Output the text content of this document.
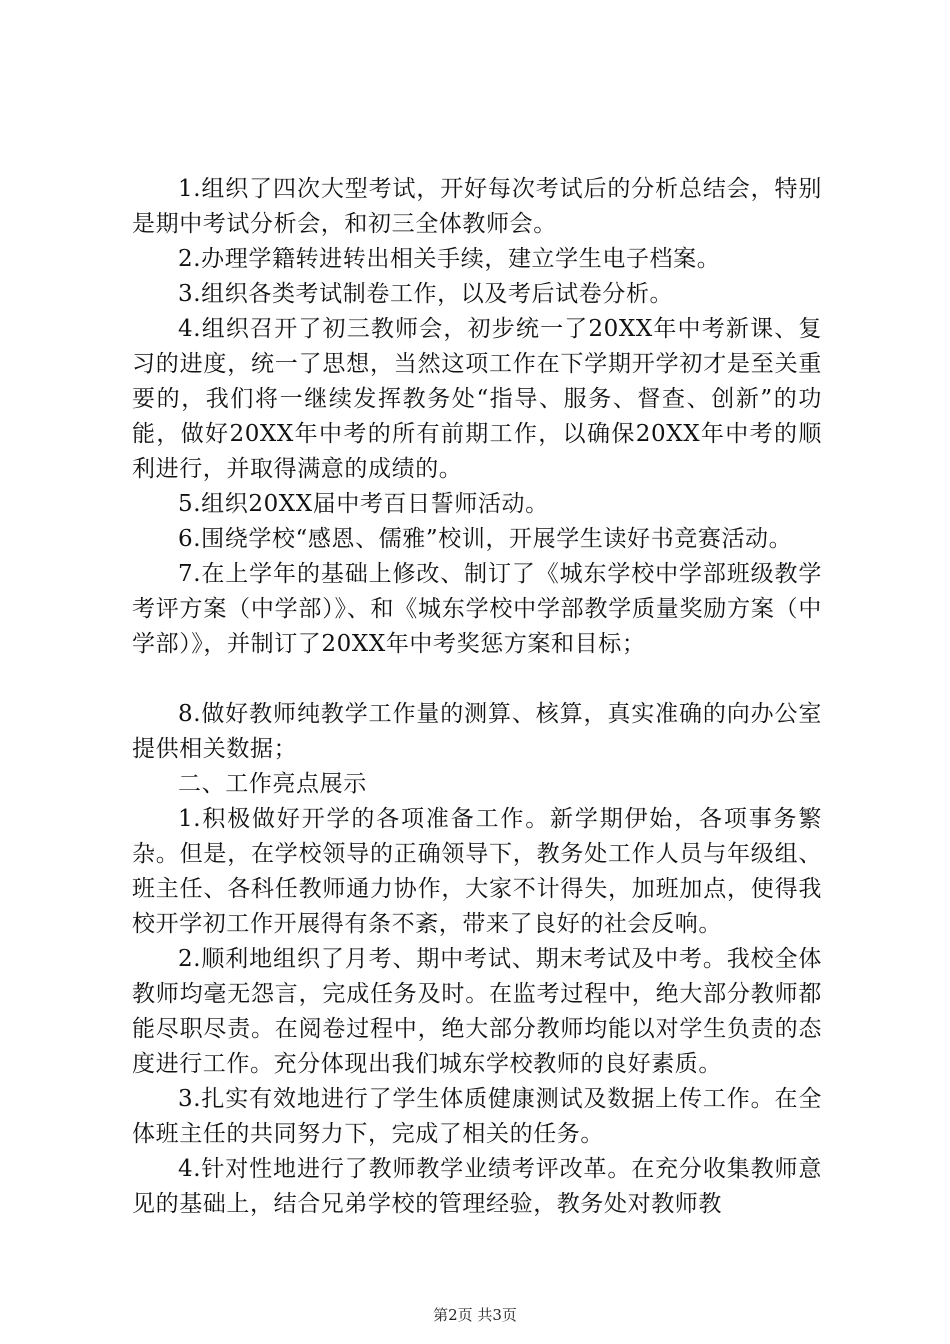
1.组织了四次大型考试，开好每次考试后的分析总结会，特别是期中考试分析会，和初三全体教师会。

2.办理学籍转进转出相关手续，建立学生电子档案。

3.组织各类考试制卷工作，以及考后试卷分析。

4.组织召开了初三教师会，初步统一了20XX年中考新课、复习的进度，统一了思想，当然这项工作在下学期开学初才是至关重要的，我们将一继续发挥教务处“指导、服务、督查、创新”的功能，做好20XX年中考的所有前期工作，以确保20XX年中考的顺利进行，并取得满意的成绩的。

5.组织20XX届中考百日誓师活动。

6.围绕学校“感恩、儒雅”校训，开展学生读好书竞赛活动。

7.在上学年的基础上修改、制订了《城东学校中学部班级教学考评方案（中学部）》、和《城东学校中学部教学质量奖励方案（中学部）》，并制订了20XX年中考奖惩方案和目标；

8.做好教师纯教学工作量的测算、核算，真实准确的向办公室提供相关数据；

二、工作亮点展示

1.积极做好开学的各项准备工作。新学期伊始，各项事务繁杂。但是，在学校领导的正确领导下，教务处工作人员与年级组、班主任、各科任教师通力协作，大家不计得失，加班加点，使得我校开学初工作开展得有条不紊，带来了良好的社会反响。

2.顺利地组织了月考、期中考试、期末考试及中考。我校全体教师均毫无怨言，完成任务及时。在监考过程中，绝大部分教师都能尽职尽责。在阅卷过程中，绝大部分教师均能以对学生负责的态度进行工作。充分体现出我们城东学校教师的良好素质。

3.扎实有效地进行了学生体质健康测试及数据上传工作。在全体班主任的共同努力下，完成了相关的任务。

4.针对性地进行了教师教学业绩考评改革。在充分收集教师意见的基础上，结合兄弟学校的管理经验，教务处对教师教

第2页 共3页
